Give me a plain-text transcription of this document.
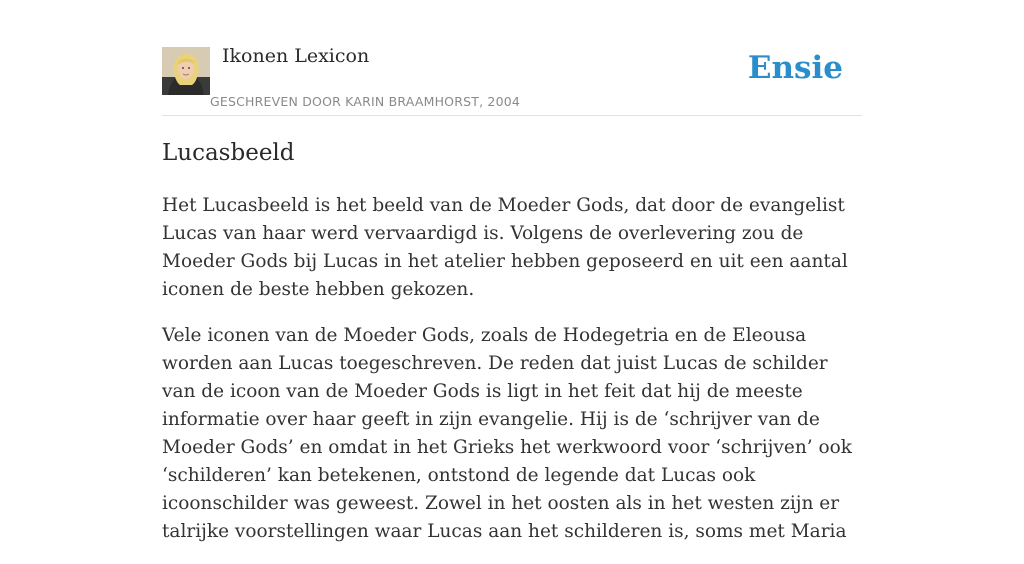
Ikonen Lexicon
GESCHREVEN DOOR KARIN BRAAMHORST, 2004
Ensie
Lucasbeeld

Het Lucasbeeld is het beeld van de Moeder Gods, dat door de evangelist Lucas van haar werd vervaardigd is. Volgens de overlevering zou de Moeder Gods bij Lucas in het atelier hebben geposeerd en uit een aantal iconen de beste hebben gekozen.

Vele iconen van de Moeder Gods, zoals de Hodegetria en de Eleousa worden aan Lucas toegeschreven. De reden dat juist Lucas de schilder van de icoon van de Moeder Gods is ligt in het feit dat hij de meeste informatie over haar geeft in zijn evangelie. Hij is de ‘schrijver van de Moeder Gods’ en omdat in het Grieks het werkwoord voor ‘schrijven’ ook ‘schilderen’ kan betekenen, ontstond de legende dat Lucas ook icoonschilder was geweest. Zowel in het oosten als in het westen zijn er talrijke voorstellingen waar Lucas aan het schilderen is, soms met Maria
